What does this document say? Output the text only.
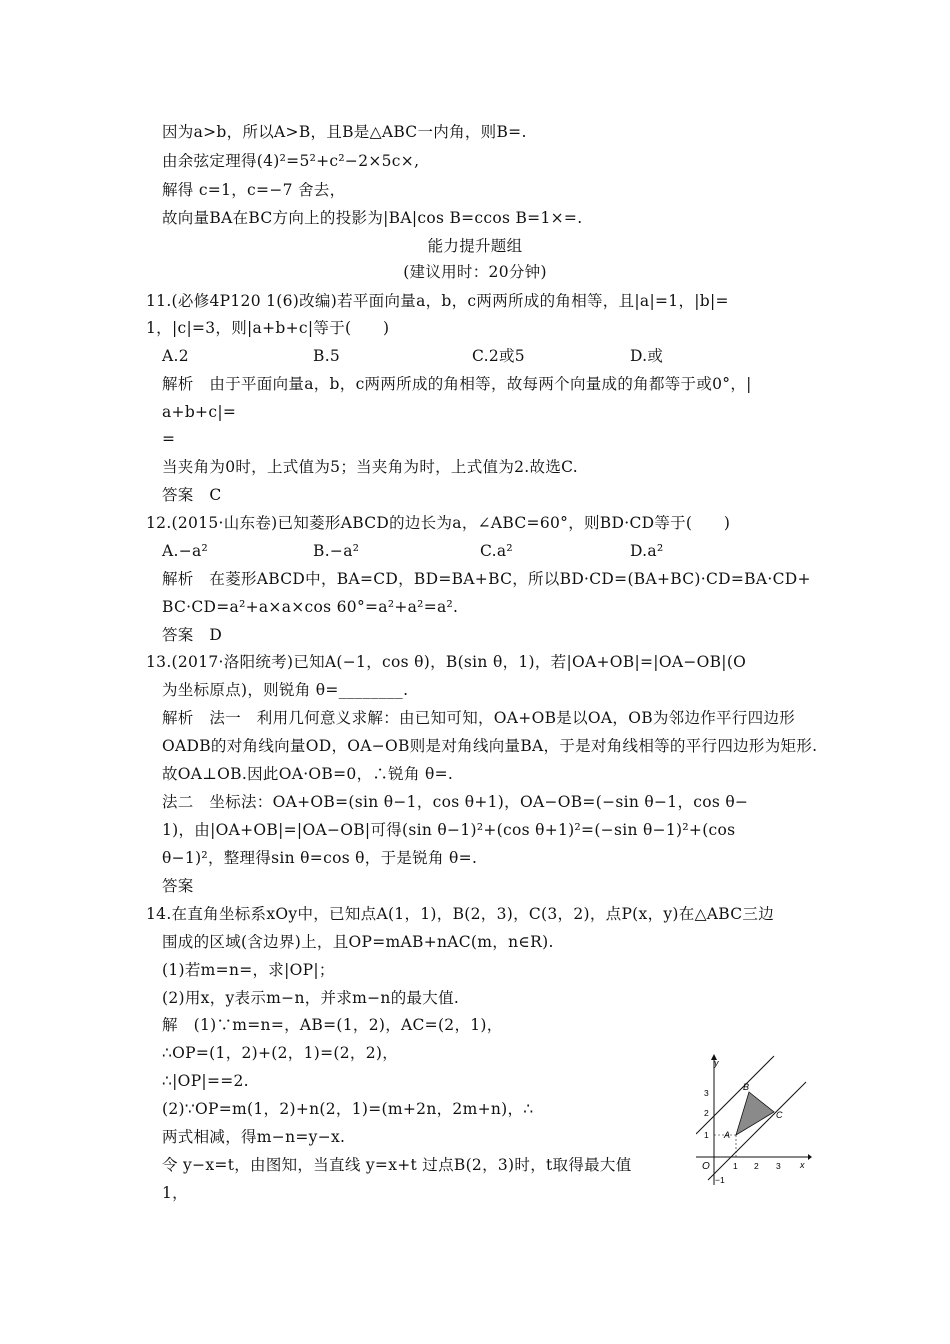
因为a>b，所以A>B，且B是△ABC一内角，则B=.
由余弦定理得(4)²=5²+c²−2×5c×,
解得 c=1，c=−7 舍去，
故向量BA在BC方向上的投影为|BA|cos B=ccos B=1×=.
能力提升题组
(建议用时：20分钟)
11.(必修4P120 1(6)改编)若平面向量a，b，c两两所成的角相等，且|a|=1，|b|=
1，|c|=3，则|a+b+c|等于(　　)
A.2	B.5	C.2或5	D.或
解析　由于平面向量a，b，c两两所成的角相等，故每两个向量成的角都等于或0°，|
a+b+c|=
=
当夹角为0时，上式值为5；当夹角为时，上式值为2.故选C.
答案　C
12.(2015·山东卷)已知菱形ABCD的边长为a，∠ABC=60°，则BD·CD等于(　　)
A.−a²	B.−a²	C.a²	D.a²
解析　在菱形ABCD中，BA=CD，BD=BA+BC，所以BD·CD=(BA+BC)·CD=BA·CD+
BC·CD=a²+a×a×cos 60°=a²+a²=a².
答案　D
13.(2017·洛阳统考)已知A(−1，cos θ)，B(sin θ，1)，若|OA+OB|=|OA−OB|(O
为坐标原点)，则锐角 θ=________.
解析　法一　利用几何意义求解：由已知可知，OA+OB是以OA，OB为邻边作平行四边形
OADB的对角线向量OD，OA−OB则是对角线向量BA，于是对角线相等的平行四边形为矩形.
故OA⊥OB.因此OA·OB=0，∴锐角 θ=.
法二　坐标法：OA+OB=(sin θ−1，cos θ+1)，OA−OB=(−sin θ−1，cos θ−
1)，由|OA+OB|=|OA−OB|可得(sin θ−1)²+(cos θ+1)²=(−sin θ−1)²+(cos
θ−1)²，整理得sin θ=cos θ，于是锐角 θ=.
答案
14.在直角坐标系xOy中，已知点A(1，1)，B(2，3)，C(3，2)，点P(x，y)在△ABC三边
围成的区域(含边界)上，且OP=mAB+nAC(m，n∈R).
(1)若m=n=，求|OP|；
(2)用x，y表示m−n，并求m−n的最大值.
解　(1)∵m=n=，AB=(1，2)，AC=(2，1)，
∴OP=(1，2)+(2，1)=(2，2)，
∴|OP|==2.
(2)∵OP=m(1，2)+n(2，1)=(m+2n，2m+n)，∴
两式相减，得m−n=y−x.
令 y−x=t，由图知，当直线 y=x+t 过点B(2，3)时，t取得最大值
1，
y
x
O	1 2 3
3
2
1
−1
A
B
C
